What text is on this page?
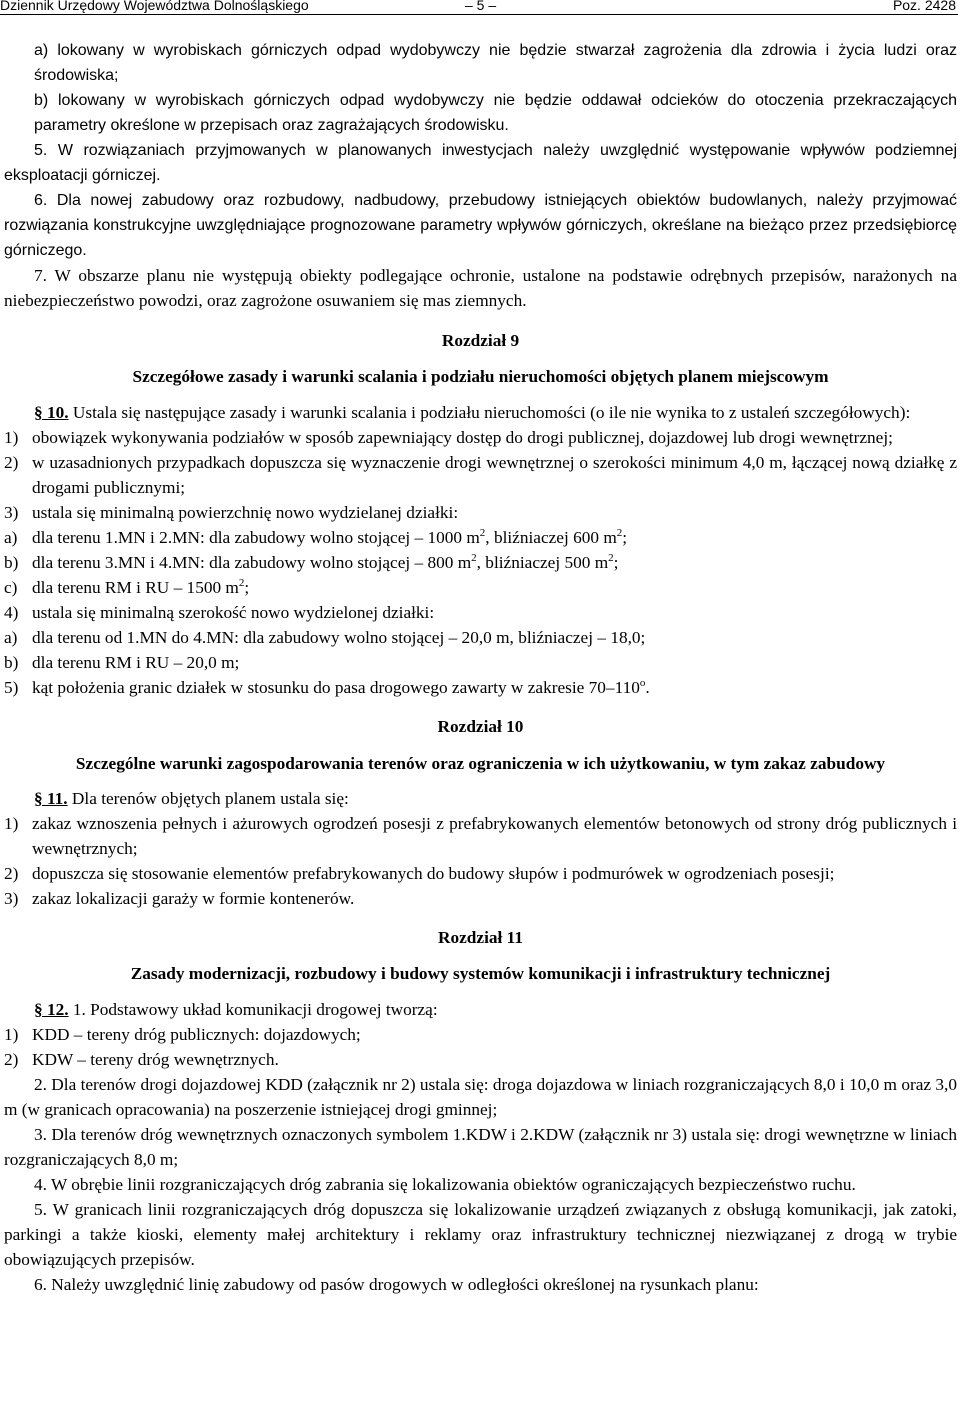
Dziennik Urzędowy Województwa Dolnośląskiego	– 5 –	Poz. 2428

a) lokowany w wyrobiskach górniczych odpad wydobywczy nie będzie stwarzał zagrożenia dla zdrowia i życia ludzi oraz środowiska;

b) lokowany w wyrobiskach górniczych odpad wydobywczy nie będzie oddawał odcieków do otoczenia przekraczających parametry określone w przepisach oraz zagrażających środowisku.

5. W rozwiązaniach przyjmowanych w planowanych inwestycjach należy uwzględnić występowanie wpływów podziemnej eksploatacji górniczej.

6. Dla nowej zabudowy oraz rozbudowy, nadbudowy, przebudowy istniejących obiektów budowlanych, należy przyjmować rozwiązania konstrukcyjne uwzględniające prognozowane parametry wpływów górniczych, określane na bieżąco przez przedsiębiorcę górniczego.

7. W obszarze planu nie występują obiekty podlegające ochronie, ustalone na podstawie odrębnych przepisów, narażonych na niebezpieczeństwo powodzi, oraz zagrożone osuwaniem się mas ziemnych.

Rozdział 9
Szczegółowe zasady i warunki scalania i podziału nieruchomości objętych planem miejscowym

§ 10. Ustala się następujące zasady i warunki scalania i podziału nieruchomości (o ile nie wynika to z ustaleń szczegółowych):

1) obowiązek wykonywania podziałów w sposób zapewniający dostęp do drogi publicznej, dojazdowej lub drogi wewnętrznej;
2) w uzasadnionych przypadkach dopuszcza się wyznaczenie drogi wewnętrznej o szerokości minimum 4,0 m, łączącej nową działkę z drogami publicznymi;
3) ustala się minimalną powierzchnię nowo wydzielanej działki:
a) dla terenu 1.MN i 2.MN: dla zabudowy wolno stojącej – 1000 $m^2$, bliźniaczej 600 $m^2$;
b) dla terenu 3.MN i 4.MN: dla zabudowy wolno stojącej – 800 $m^2$, bliźniaczej 500 $m^2$;
c) dla terenu RM i RU – 1500 $m^2$;
4) ustala się minimalną szerokość nowo wydzielonej działki:
a) dla terenu od 1.MN do 4.MN: dla zabudowy wolno stojącej – 20,0 m, bliźniaczej – 18,0;
b) dla terenu RM i RU – 20,0 m;
5) kąt położenia granic działek w stosunku do pasa drogowego zawarty w zakresie 70–110$^o$.
Rozdział 10
Szczególne warunki zagospodarowania terenów oraz ograniczenia w ich użytkowaniu, w tym zakaz zabudowy

§ 11. Dla terenów objętych planem ustala się:

1) zakaz wznoszenia pełnych i ażurowych ogrodzeń posesji z prefabrykowanych elementów betonowych od strony dróg publicznych i wewnętrznych;
2) dopuszcza się stosowanie elementów prefabrykowanych do budowy słupów i podmurówek w ogrodzeniach posesji;
3) zakaz lokalizacji garaży w formie kontenerów.
Rozdział 11
Zasady modernizacji, rozbudowy i budowy systemów komunikacji i infrastruktury technicznej

§ 12. 1. Podstawowy układ komunikacji drogowej tworzą:

1) KDD – tereny dróg publicznych: dojazdowych;
2) KDW – tereny dróg wewnętrznych.

2. Dla terenów drogi dojazdowej KDD (załącznik nr 2) ustala się: droga dojazdowa w liniach rozgraniczających 8,0 i 10,0 m oraz 3,0 m (w granicach opracowania) na poszerzenie istniejącej drogi gminnej;

3. Dla terenów dróg wewnętrznych oznaczonych symbolem 1.KDW i 2.KDW (załącznik nr 3) ustala się: drogi wewnętrzne w liniach rozgraniczających 8,0 m;

4. W obrębie linii rozgraniczających dróg zabrania się lokalizowania obiektów ograniczających bezpieczeństwo ruchu.

5. W granicach linii rozgraniczających dróg dopuszcza się lokalizowanie urządzeń związanych z obsługą komunikacji, jak zatoki, parkingi a także kioski, elementy małej architektury i reklamy oraz infrastruktury technicznej niezwiązanej z drogą w trybie obowiązujących przepisów.

6. Należy uwzględnić linię zabudowy od pasów drogowych w odległości określonej na rysunkach planu:
